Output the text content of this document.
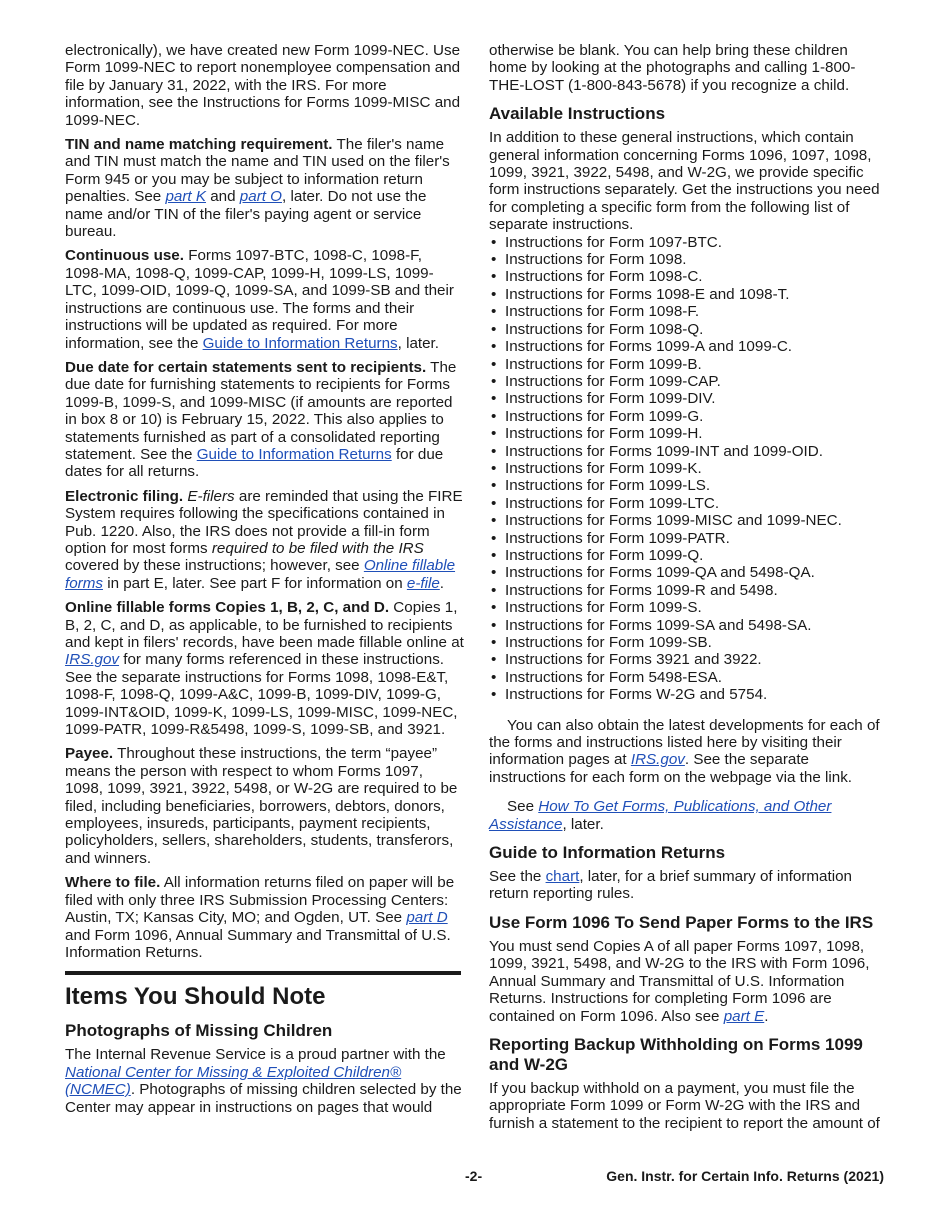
electronically), we have created new Form 1099-NEC. Use Form 1099-NEC to report nonemployee compensation and file by January 31, 2022, with the IRS. For more information, see the Instructions for Forms 1099-MISC and 1099-NEC.

TIN and name matching requirement. The filer's name and TIN must match the name and TIN used on the filer's Form 945 or you may be subject to information return penalties. See part K and part O, later. Do not use the name and/or TIN of the filer's paying agent or service bureau.

Continuous use. Forms 1097-BTC, 1098-C, 1098-F, 1098-MA, 1098-Q, 1099-CAP, 1099-H, 1099-LS, 1099-LTC, 1099-OID, 1099-Q, 1099-SA, and 1099-SB and their instructions are continuous use. The forms and their instructions will be updated as required. For more information, see the Guide to Information Returns, later.

Due date for certain statements sent to recipients. The due date for furnishing statements to recipients for Forms 1099-B, 1099-S, and 1099-MISC (if amounts are reported in box 8 or 10) is February 15, 2022. This also applies to statements furnished as part of a consolidated reporting statement. See the Guide to Information Returns for due dates for all returns.

Electronic filing. E-filers are reminded that using the FIRE System requires following the specifications contained in Pub. 1220. Also, the IRS does not provide a fill-in form option for most forms required to be filed with the IRS covered by these instructions; however, see Online fillable forms in part E, later. See part F for information on e-file.

Online fillable forms Copies 1, B, 2, C, and D. Copies 1, B, 2, C, and D, as applicable, to be furnished to recipients and kept in filers' records, have been made fillable online at IRS.gov for many forms referenced in these instructions. See the separate instructions for Forms 1098, 1098-E&T, 1098-F, 1098-Q, 1099-A&C, 1099-B, 1099-DIV, 1099-G, 1099-INT&OID, 1099-K, 1099-LS, 1099-MISC, 1099-NEC, 1099-PATR, 1099-R&5498, 1099-S, 1099-SB, and 3921.

Payee. Throughout these instructions, the term “payee” means the person with respect to whom Forms 1097, 1098, 1099, 3921, 3922, 5498, or W-2G are required to be filed, including beneficiaries, borrowers, debtors, donors, employees, insureds, participants, payment recipients, policyholders, sellers, shareholders, students, transferors, and winners.

Where to file. All information returns filed on paper will be filed with only three IRS Submission Processing Centers: Austin, TX; Kansas City, MO; and Ogden, UT. See part D and Form 1096, Annual Summary and Transmittal of U.S. Information Returns.

Items You Should Note
Photographs of Missing Children

The Internal Revenue Service is a proud partner with the National Center for Missing & Exploited Children® (NCMEC). Photographs of missing children selected by the Center may appear in instructions on pages that would

otherwise be blank. You can help bring these children home by looking at the photographs and calling 1-800-THE-LOST (1-800-843-5678) if you recognize a child.

Available Instructions

In addition to these general instructions, which contain general information concerning Forms 1096, 1097, 1098, 1099, 3921, 3922, 5498, and W-2G, we provide specific form instructions separately. Get the instructions you need for completing a specific form from the following list of separate instructions.

• Instructions for Form 1097-BTC.
• Instructions for Form 1098.
• Instructions for Form 1098-C.
• Instructions for Forms 1098-E and 1098-T.
• Instructions for Form 1098-F.
• Instructions for Form 1098-Q.
• Instructions for Forms 1099-A and 1099-C.
• Instructions for Form 1099-B.
• Instructions for Form 1099-CAP.
• Instructions for Form 1099-DIV.
• Instructions for Form 1099-G.
• Instructions for Form 1099-H.
• Instructions for Forms 1099-INT and 1099-OID.
• Instructions for Form 1099-K.
• Instructions for Form 1099-LS.
• Instructions for Form 1099-LTC.
• Instructions for Forms 1099-MISC and 1099-NEC.
• Instructions for Form 1099-PATR.
• Instructions for Form 1099-Q.
• Instructions for Forms 1099-QA and 5498-QA.
• Instructions for Forms 1099-R and 5498.
• Instructions for Form 1099-S.
• Instructions for Forms 1099-SA and 5498-SA.
• Instructions for Form 1099-SB.
• Instructions for Forms 3921 and 3922.
• Instructions for Form 5498-ESA.
• Instructions for Forms W-2G and 5754.

You can also obtain the latest developments for each of the forms and instructions listed here by visiting their information pages at IRS.gov. See the separate instructions for each form on the webpage via the link.

See How To Get Forms, Publications, and Other Assistance, later.

Guide to Information Returns

See the chart, later, for a brief summary of information return reporting rules.

Use Form 1096 To Send Paper Forms to the IRS

You must send Copies A of all paper Forms 1097, 1098, 1099, 3921, 5498, and W-2G to the IRS with Form 1096, Annual Summary and Transmittal of U.S. Information Returns. Instructions for completing Form 1096 are contained on Form 1096. Also see part E.

Reporting Backup Withholding on Forms 1099 and W-2G

If you backup withhold on a payment, you must file the appropriate Form 1099 or Form W-2G with the IRS and furnish a statement to the recipient to report the amount of

-2-	Gen. Instr. for Certain Info. Returns (2021)
